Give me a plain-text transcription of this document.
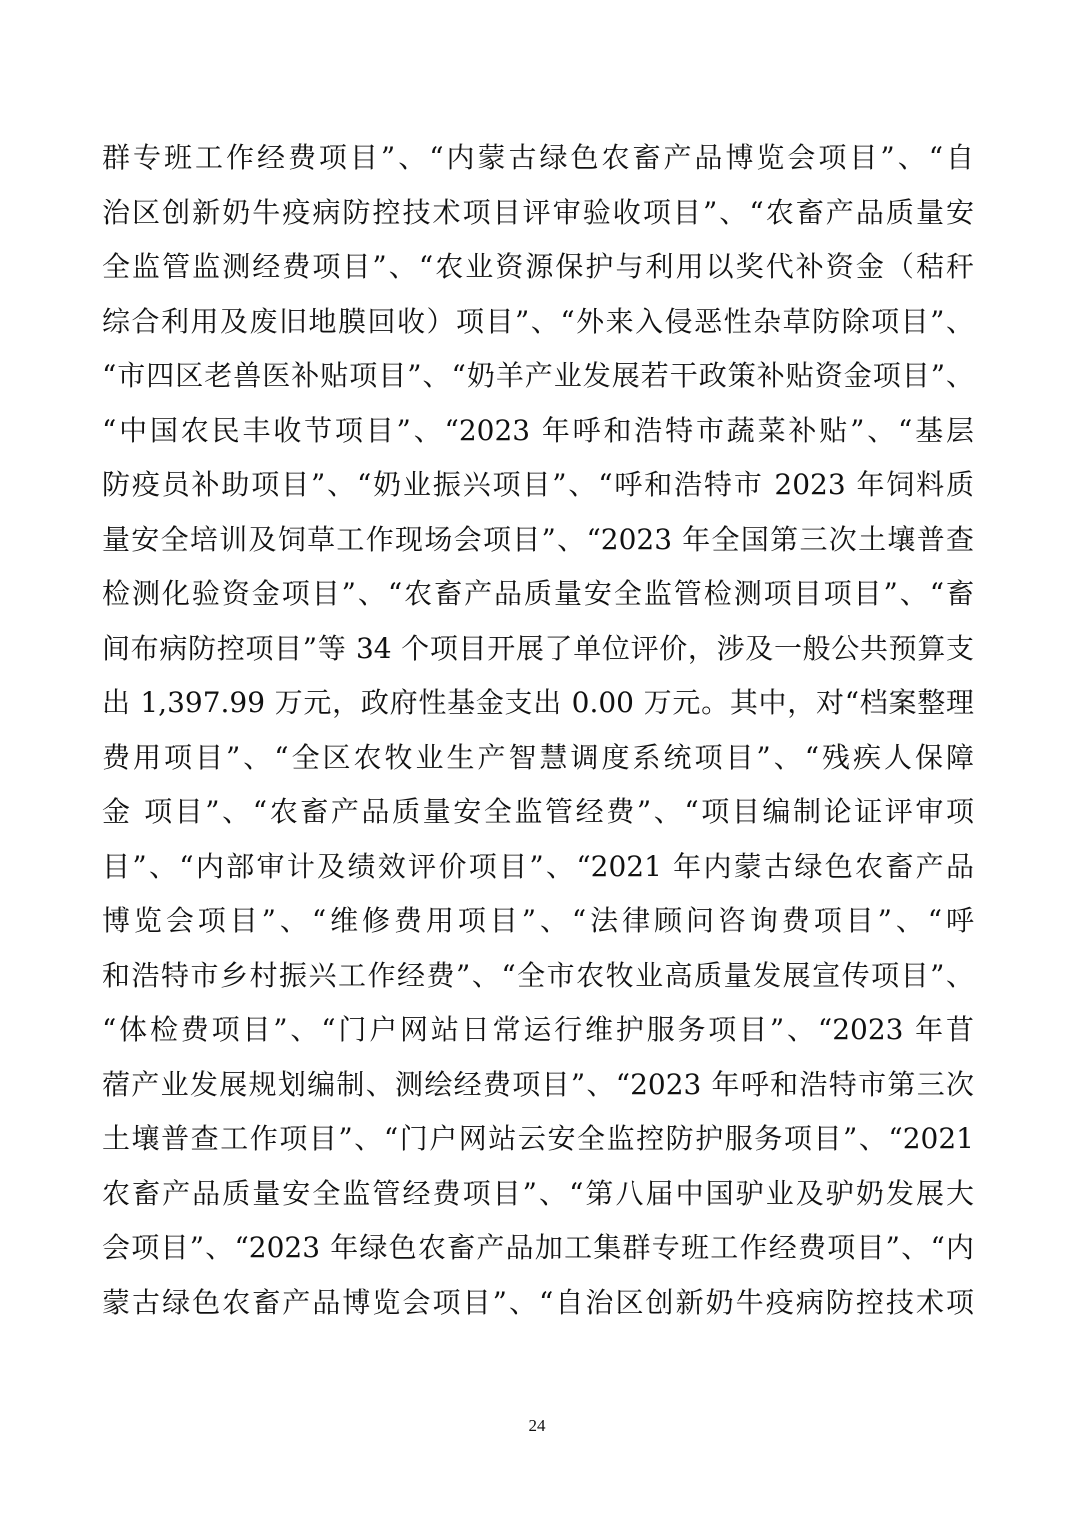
群专班工作经费项目”、“内蒙古绿色农畜产品博览会项目”、“自
治区创新奶牛疫病防控技术项目评审验收项目”、“农畜产品质量安
全监管监测经费项目”、“农业资源保护与利用以奖代补资金（秸秆
综合利用及废旧地膜回收）项目”、“外来入侵恶性杂草防除项目”、
“市四区老兽医补贴项目”、“奶羊产业发展若干政策补贴资金项目”、
“中国农民丰收节项目”、“2023 年呼和浩特市蔬菜补贴”、“基层
防疫员补助项目”、“奶业振兴项目”、“呼和浩特市 2023 年饲料质
量安全培训及饲草工作现场会项目”、“2023 年全国第三次土壤普查
检测化验资金项目”、“农畜产品质量安全监管检测项目项目”、“畜
间布病防控项目”等 34 个项目开展了单位评价，涉及一般公共预算支
出 1,397.99 万元，政府性基金支出 0.00 万元。其中，对“档案整理
费用项目”、“全区农牧业生产智慧调度系统项目”、“残疾人保障
金 项目”、“农畜产品质量安全监管经费”、“项目编制论证评审项
目”、“内部审计及绩效评价项目”、“2021 年内蒙古绿色农畜产品
博览会项目”、“维修费用项目”、“法律顾问咨询费项目”、“呼
和浩特市乡村振兴工作经费”、“全市农牧业高质量发展宣传项目”、
“体检费项目”、“门户网站日常运行维护服务项目”、“2023 年苜
蓿产业发展规划编制、测绘经费项目”、“2023 年呼和浩特市第三次
土壤普查工作项目”、“门户网站云安全监控防护服务项目”、“2021
农畜产品质量安全监管经费项目”、“第八届中国驴业及驴奶发展大
会项目”、“2023 年绿色农畜产品加工集群专班工作经费项目”、“内
蒙古绿色农畜产品博览会项目”、“自治区创新奶牛疫病防控技术项
24
